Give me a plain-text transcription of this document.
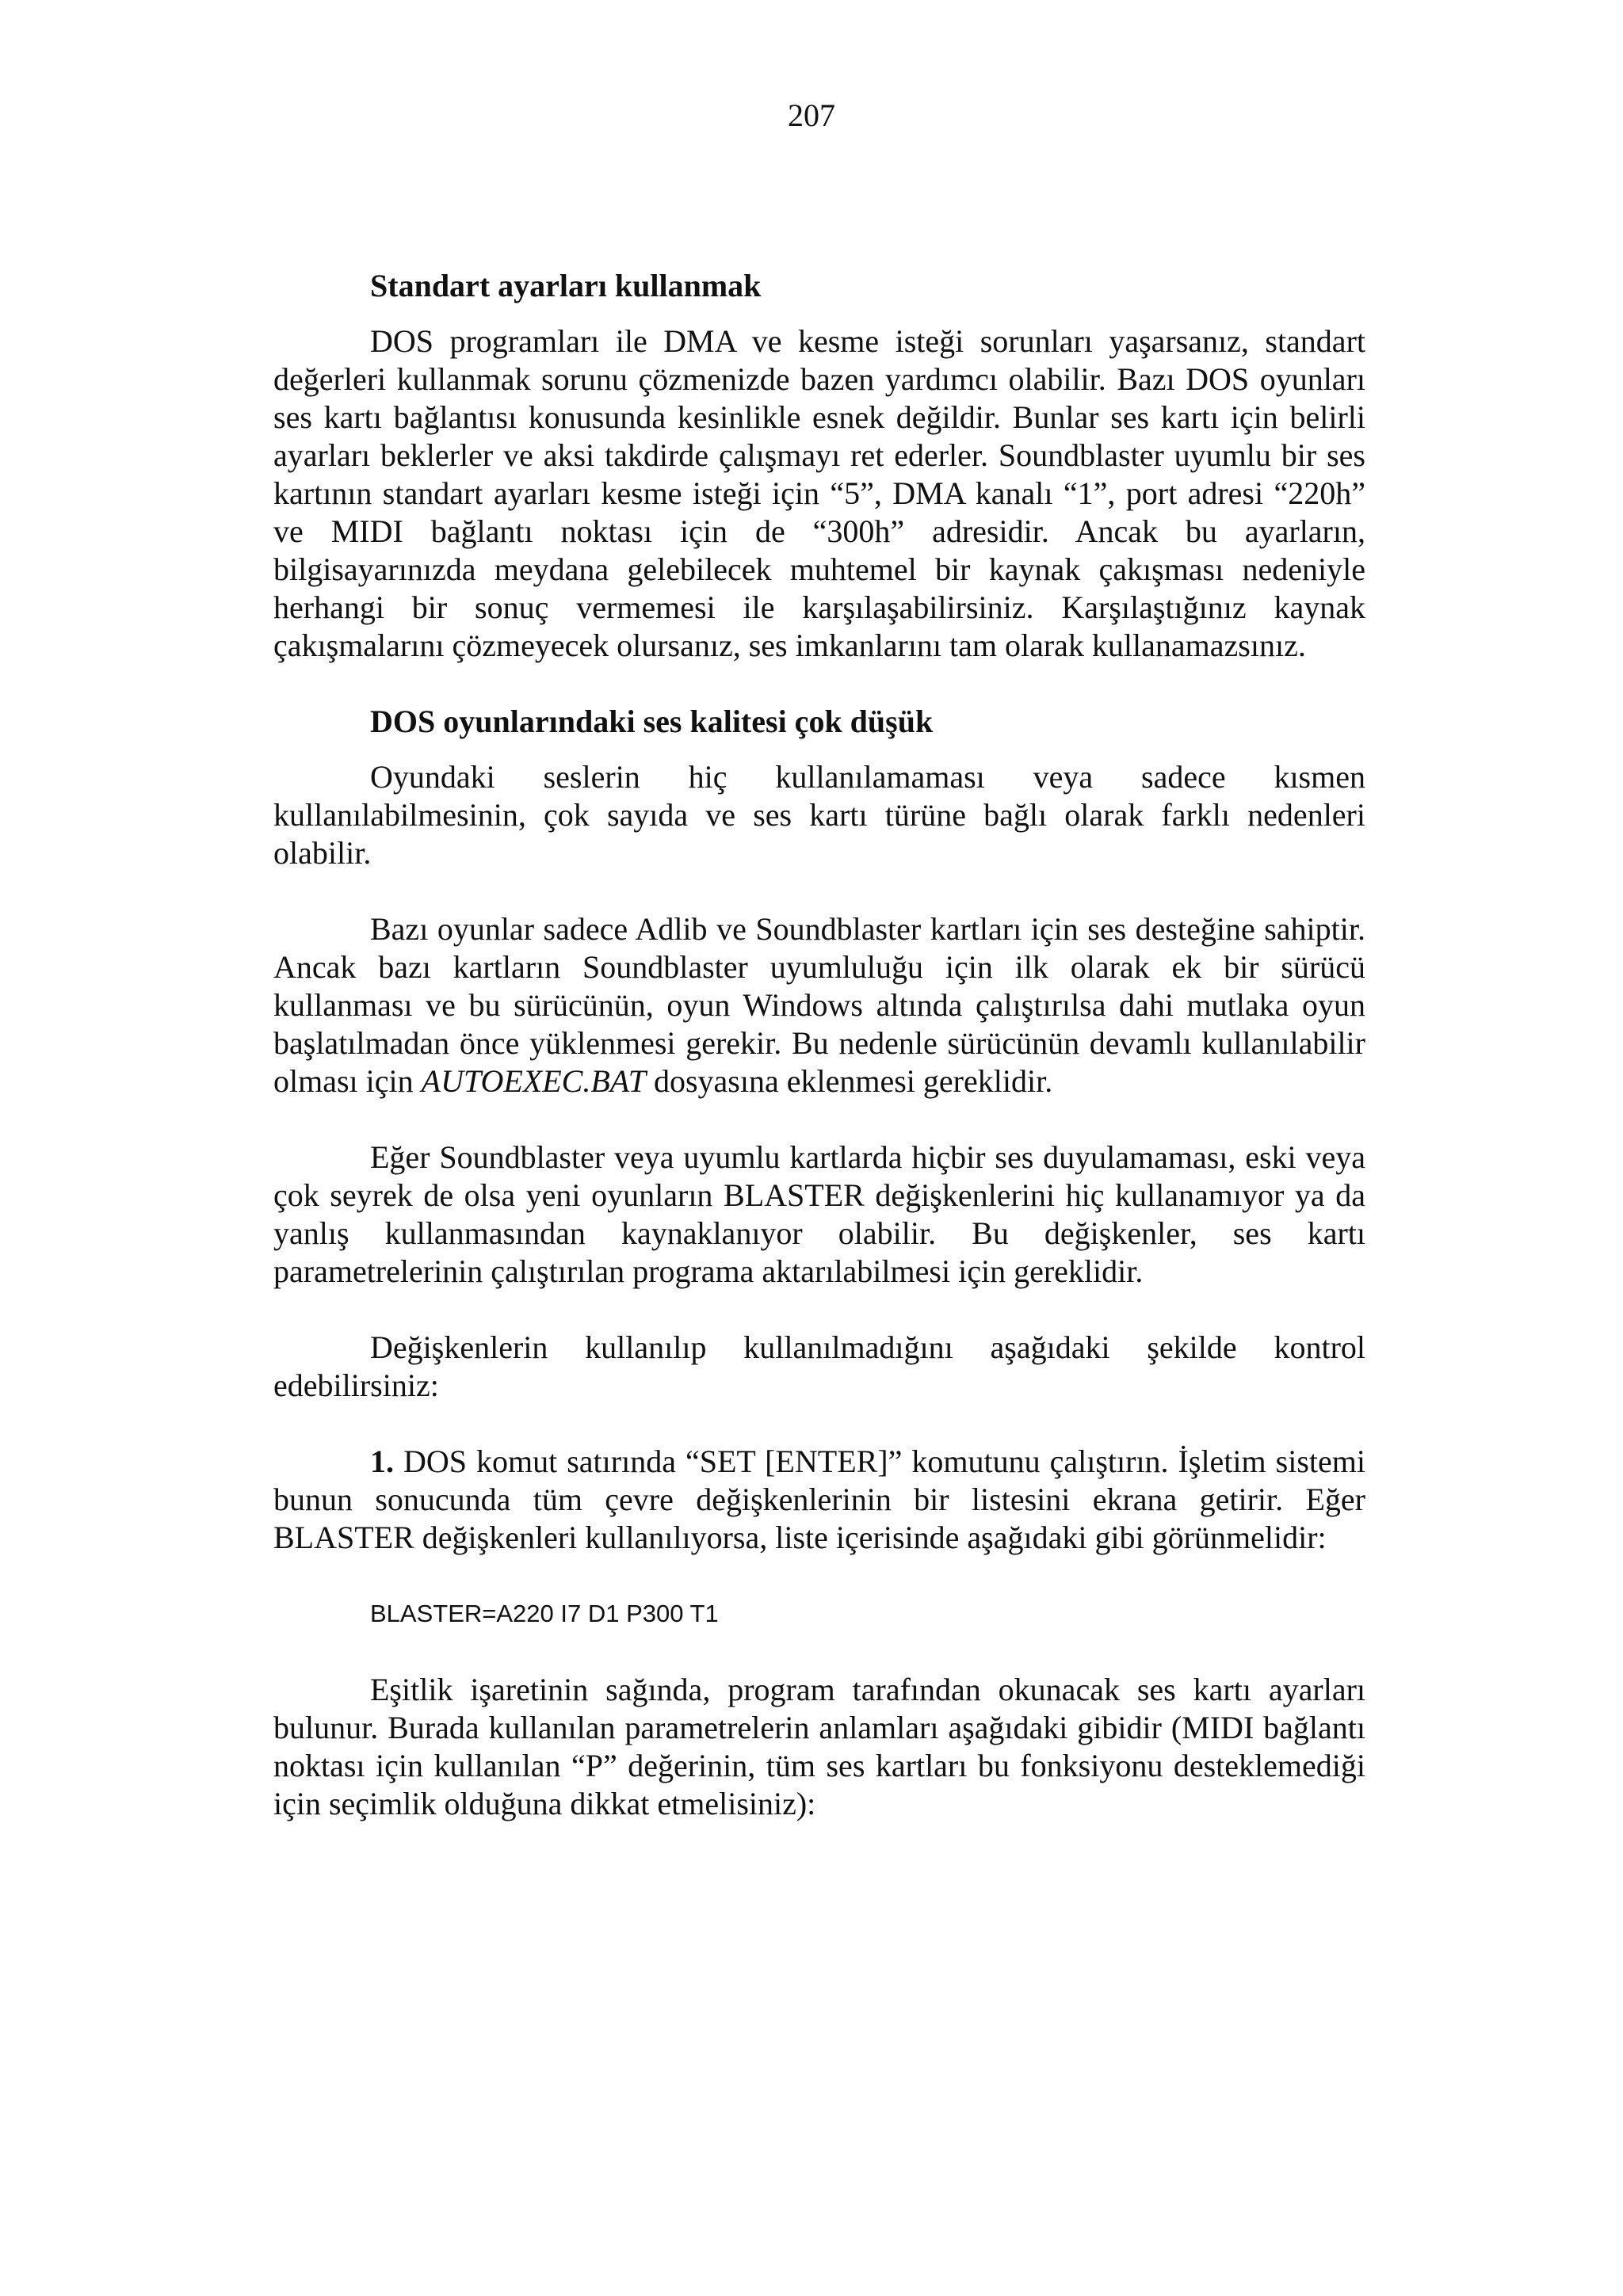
207
Standart ayarları kullanmak

DOS programları ile DMA ve kesme isteği sorunları yaşarsanız, standart değerleri kullanmak sorunu çözmenizde bazen yardımcı olabilir. Bazı DOS oyunları ses kartı bağlantısı konusunda kesinlikle esnek değildir. Bunlar ses kartı için belirli ayarları beklerler ve aksi takdirde çalışmayı ret ederler. Soundblaster uyumlu bir ses kartının standart ayarları kesme isteği için “5”, DMA kanalı “1”, port adresi “220h” ve MIDI bağlantı noktası için de “300h” adresidir. Ancak bu ayarların, bilgisayarınızda meydana gelebilecek muhtemel bir kaynak çakışması nedeniyle herhangi bir sonuç vermemesi ile karşılaşabilirsiniz. Karşılaştığınız kaynak çakışmalarını çözmeyecek olursanız, ses imkanlarını tam olarak kullanamazsınız.

DOS oyunlarındaki ses kalitesi çok düşük

Oyundaki seslerin hiç kullanılamaması veya sadece kısmen kullanılabilmesinin, çok sayıda ve ses kartı türüne bağlı olarak farklı nedenleri olabilir.

Bazı oyunlar sadece Adlib ve Soundblaster kartları için ses desteğine sahiptir. Ancak bazı kartların Soundblaster uyumluluğu için ilk olarak ek bir sürücü kullanması ve bu sürücünün, oyun Windows altında çalıştırılsa dahi mutlaka oyun başlatılmadan önce yüklenmesi gerekir. Bu nedenle sürücünün devamlı kullanılabilir olması için AUTOEXEC.BAT dosyasına eklenmesi gereklidir.

Eğer Soundblaster veya uyumlu kartlarda hiçbir ses duyulamaması, eski veya çok seyrek de olsa yeni oyunların BLASTER değişkenlerini hiç kullanamıyor ya da yanlış kullanmasından kaynaklanıyor olabilir. Bu değişkenler, ses kartı parametrelerinin çalıştırılan programa aktarılabilmesi için gereklidir.

Değişkenlerin kullanılıp kullanılmadığını aşağıdaki şekilde kontrol edebilirsiniz:

1. DOS komut satırında “SET [ENTER]” komutunu çalıştırın. İşletim sistemi bunun sonucunda tüm çevre değişkenlerinin bir listesini ekrana getirir. Eğer BLASTER değişkenleri kullanılıyorsa, liste içerisinde aşağıdaki gibi görünmelidir:

BLASTER=A220 I7 D1 P300 T1

Eşitlik işaretinin sağında, program tarafından okunacak ses kartı ayarları bulunur. Burada kullanılan parametrelerin anlamları aşağıdaki gibidir (MIDI bağlantı noktası için kullanılan “P” değerinin, tüm ses kartları bu fonksiyonu desteklemediği için seçimlik olduğuna dikkat etmelisiniz):
